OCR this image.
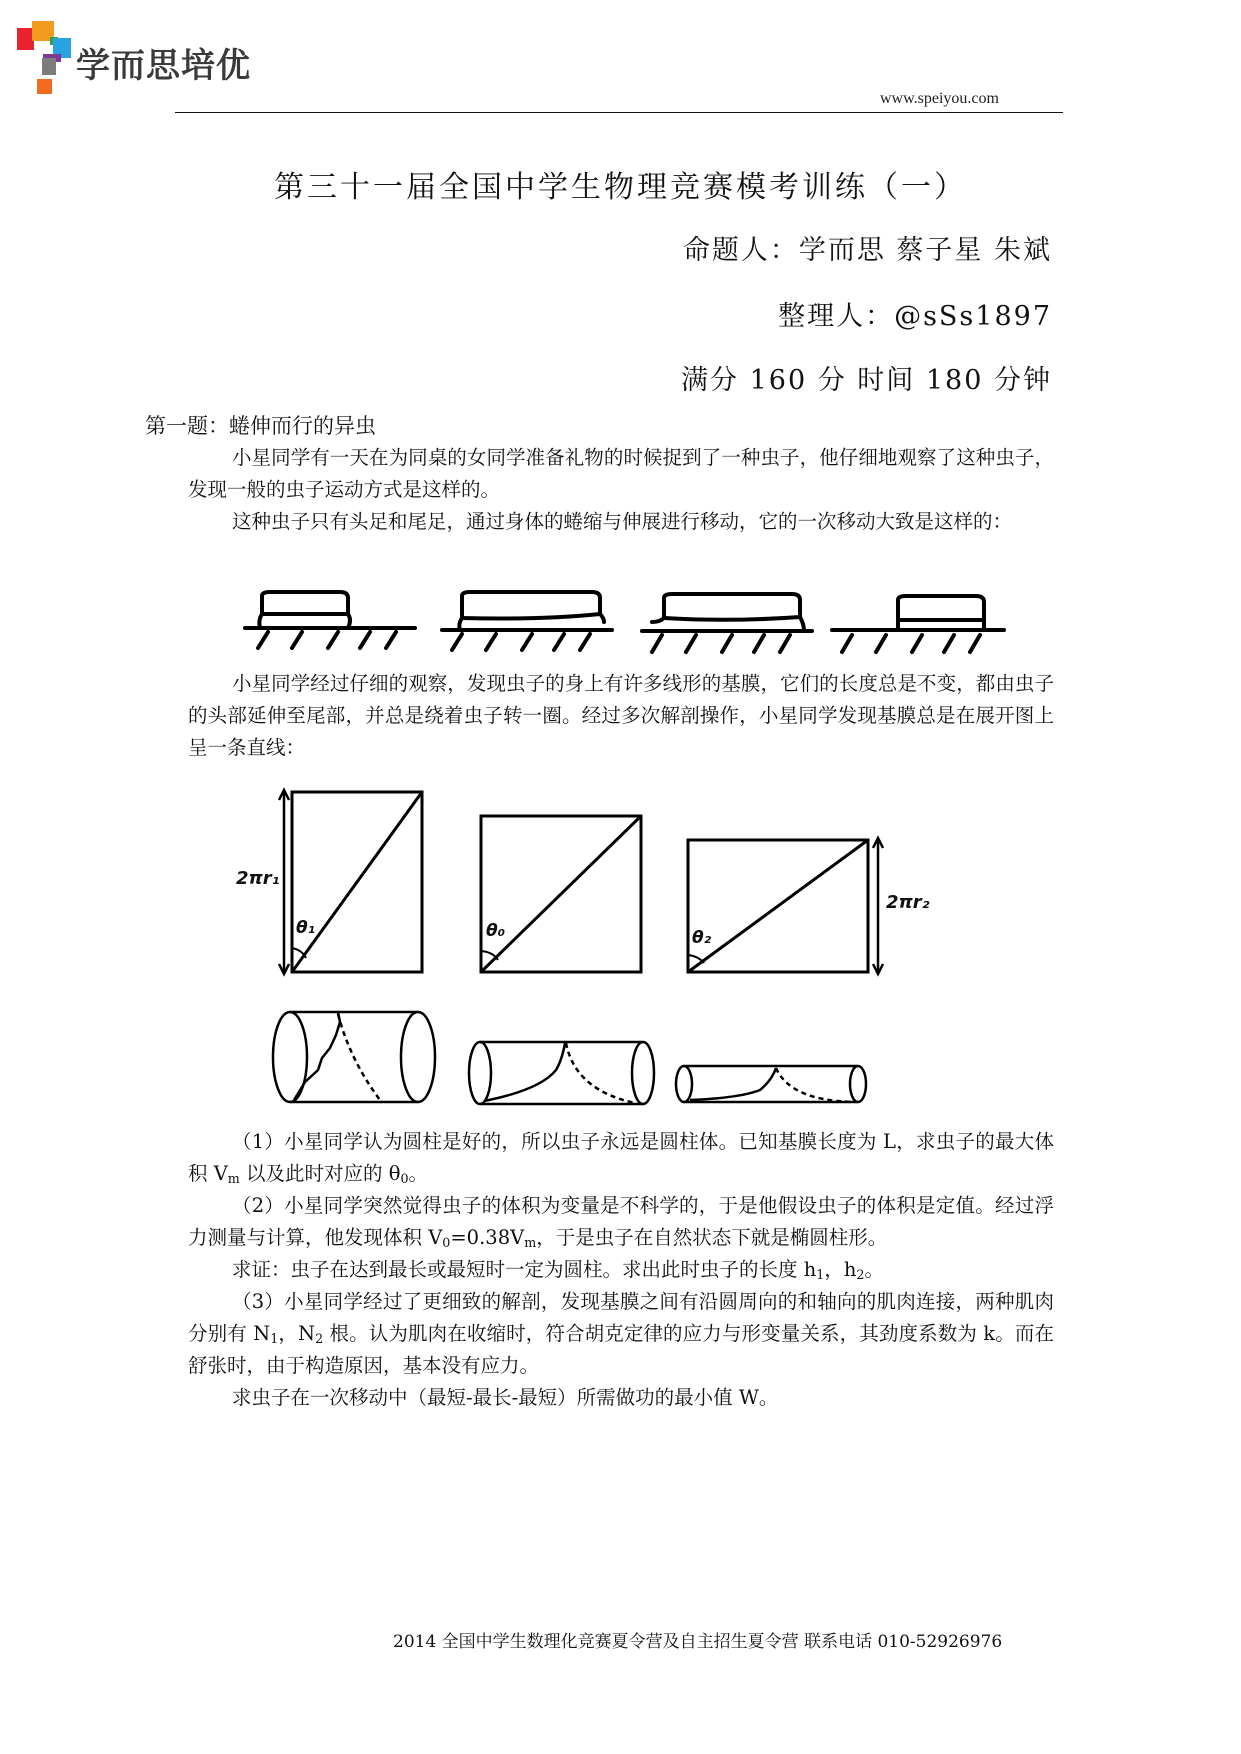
学而思培优
www.speiyou.com
第三十一届全国中学生物理竞赛模考训练（一）
命题人：学而思 蔡子星 朱斌
整理人：@sSs1897
满分 160 分 时间 180 分钟
第一题：蜷伸而行的异虫
小星同学有一天在为同桌的女同学准备礼物的时候捉到了一种虫子，他仔细地观察了这种虫子，发现一般的虫子运动方式是这样的。
这种虫子只有头足和尾足，通过身体的蜷缩与伸展进行移动，它的一次移动大致是这样的：
小星同学经过仔细的观察，发现虫子的身上有许多线形的基膜，它们的长度总是不变，都由虫子的头部延伸至尾部，并总是绕着虫子转一圈。经过多次解剖操作，小星同学发现基膜总是在展开图上呈一条直线：
2πr₁
θ₁	θ₀	θ₂
2πr₂
（1）小星同学认为圆柱是好的，所以虫子永远是圆柱体。已知基膜长度为 L，求虫子的最大体积 $V_m$ 以及此时对应的 $\theta_0$。
（2）小星同学突然觉得虫子的体积为变量是不科学的，于是他假设虫子的体积是定值。经过浮力测量与计算，他发现体积 $V_0=0.38V_m$，于是虫子在自然状态下就是椭圆柱形。
求证：虫子在达到最长或最短时一定为圆柱。求出此时虫子的长度 $h_1$，$h_2$。
（3）小星同学经过了更细致的解剖，发现基膜之间有沿圆周向的和轴向的肌肉连接，两种肌肉分别有 $N_1$，$N_2$ 根。认为肌肉在收缩时，符合胡克定律的应力与形变量关系，其劲度系数为 k。而在舒张时，由于构造原因，基本没有应力。
求虫子在一次移动中（最短-最长-最短）所需做功的最小值 W。
2014 全国中学生数理化竞赛夏令营及自主招生夏令营 联系电话 010-52926976
